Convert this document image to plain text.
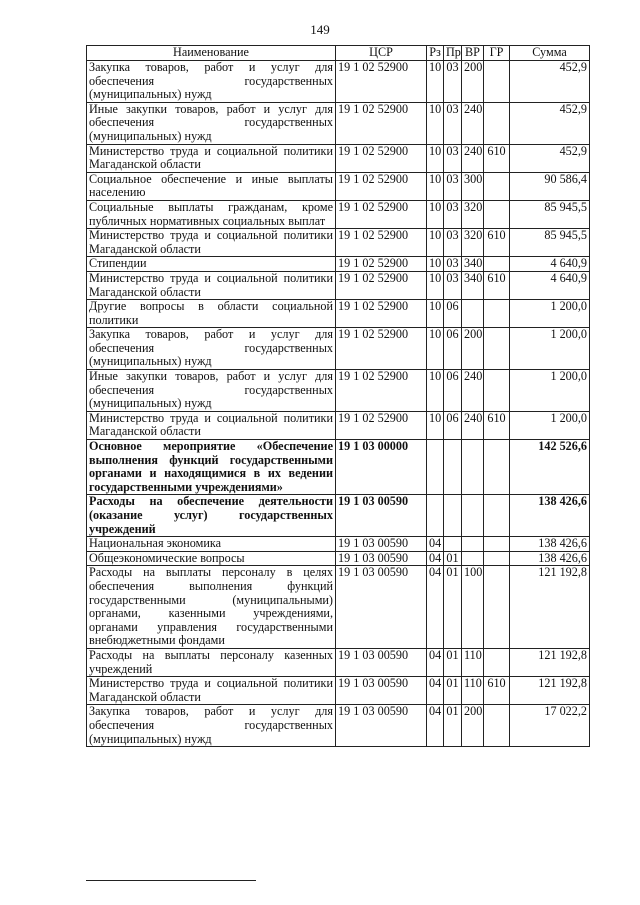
149
Наименование	ЦСР	Рз	Пр	ВР	ГР	Сумма
Закупка товаров, работ и услуг для обеспечения государственных (муниципальных) нужд	19 1 02 52900	10	03	200		452,9
Иные закупки товаров, работ и услуг для обеспечения государственных (муниципальных) нужд	19 1 02 52900	10	03	240		452,9
Министерство труда и социальной политики Магаданской области	19 1 02 52900	10	03	240	610	452,9
Социальное обеспечение и иные выплаты населению	19 1 02 52900	10	03	300		90 586,4
Социальные выплаты гражданам, кроме публичных нормативных социальных выплат	19 1 02 52900	10	03	320		85 945,5
Министерство труда и социальной политики Магаданской области	19 1 02 52900	10	03	320	610	85 945,5
Стипендии	19 1 02 52900	10	03	340		4 640,9
Министерство труда и социальной политики Магаданской области	19 1 02 52900	10	03	340	610	4 640,9
Другие вопросы в области социальной политики	19 1 02 52900	10	06			1 200,0
Закупка товаров, работ и услуг для обеспечения государственных (муниципальных) нужд	19 1 02 52900	10	06	200		1 200,0
Иные закупки товаров, работ и услуг для обеспечения государственных (муниципальных) нужд	19 1 02 52900	10	06	240		1 200,0
Министерство труда и социальной политики Магаданской области	19 1 02 52900	10	06	240	610	1 200,0
Основное мероприятие «Обеспечение выполнения функций государственными органами и находящимися в их ведении государственными учреждениями»	19 1 03 00000					142 526,6
Расходы на обеспечение деятельности (оказание услуг) государственных учреждений	19 1 03 00590					138 426,6
Национальная экономика	19 1 03 00590	04				138 426,6
Общеэкономические вопросы	19 1 03 00590	04	01			138 426,6
Расходы на выплаты персоналу в целях обеспечения выполнения функций государственными (муниципальными) органами, казенными учреждениями, органами управления государственными внебюджетными фондами	19 1 03 00590	04	01	100		121 192,8
Расходы на выплаты персоналу казенных учреждений	19 1 03 00590	04	01	110		121 192,8
Министерство труда и социальной политики Магаданской области	19 1 03 00590	04	01	110	610	121 192,8
Закупка товаров, работ и услуг для обеспечения государственных (муниципальных) нужд	19 1 03 00590	04	01	200		17 022,2
